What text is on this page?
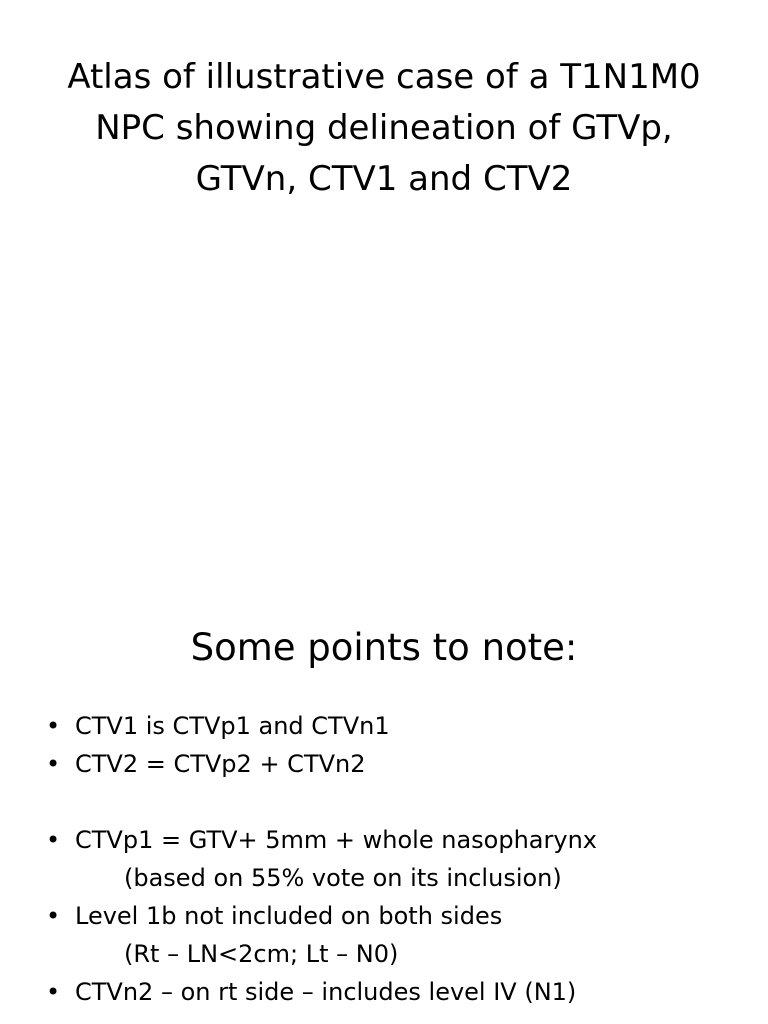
Atlas of illustrative case of a T1N1M0
NPC showing delineation of GTVp,
GTVn, CTV1 and CTV2
Some points to note:
• CTV1 is CTVp1 and CTVn1
• CTV2 = CTVp2 + CTVn2
• CTVp1 = GTV+ 5mm + whole nasopharynx
(based on 55% vote on its inclusion)
• Level 1b not included on both sides
(Rt – LN<2cm; Lt – N0)
• CTVn2 – on rt side – includes level IV (N1)
